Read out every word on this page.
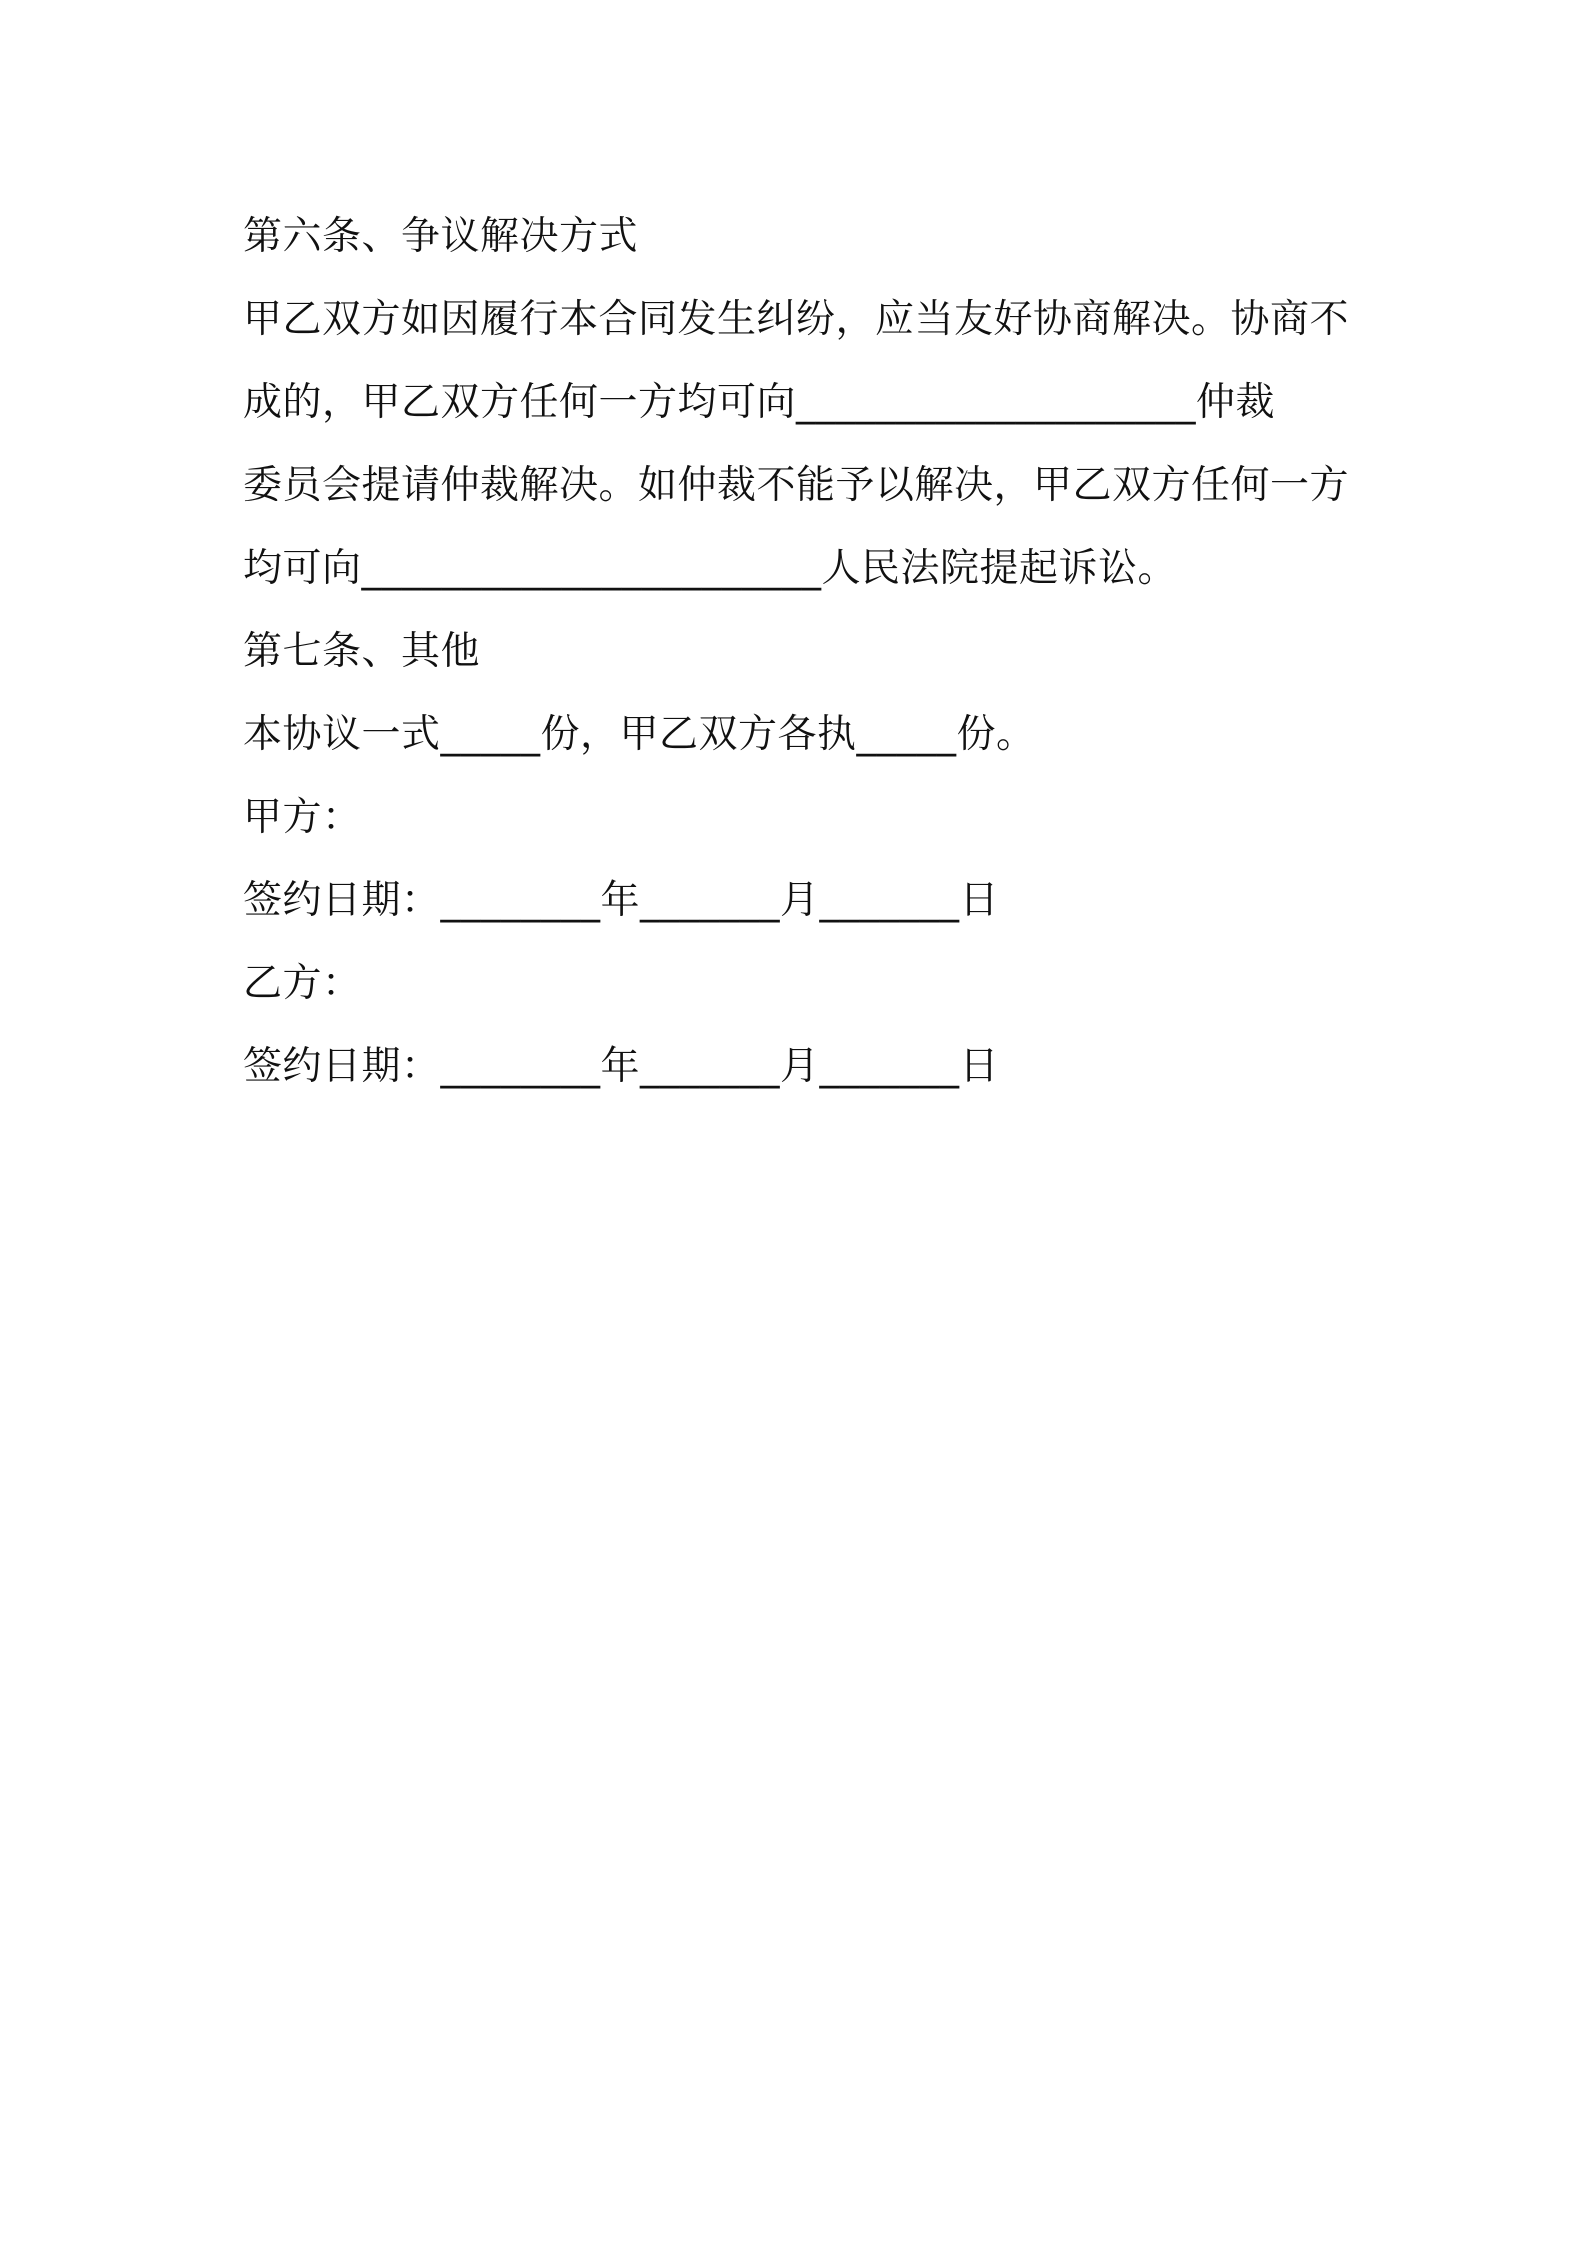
第六条、争议解决方式
甲乙双方如因履行本合同发生纠纷，应当友好协商解决。协商不
成的，甲乙双方任何一方均可向____________________仲裁
委员会提请仲裁解决。如仲裁不能予以解决，甲乙双方任何一方
均可向_______________________人民法院提起诉讼。
第七条、其他
本协议一式_____份，甲乙双方各执_____份。
甲方：
签约日期：________年_______月_______日
乙方：
签约日期：________年_______月_______日
